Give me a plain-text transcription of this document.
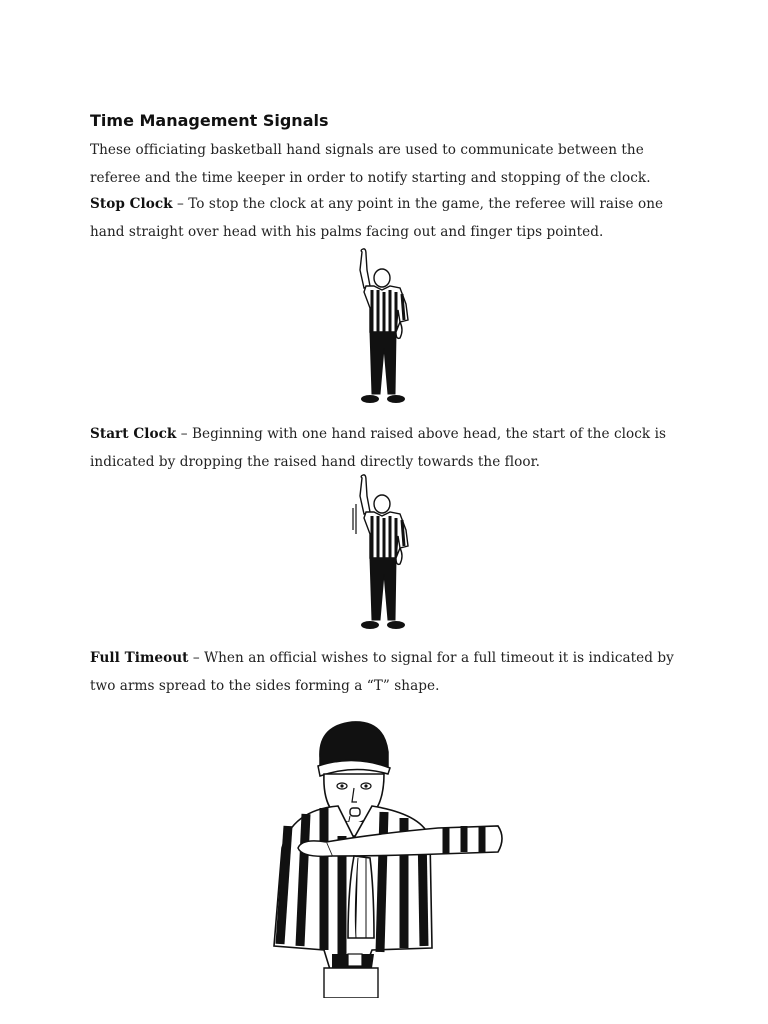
Time Management Signals
These officiating basketball hand signals are used to communicate between the referee and the time keeper in order to notify starting and stopping of the clock.
Stop Clock – To stop the clock at any point in the game, the referee will raise one hand straight over head with his palms facing out and finger tips pointed.
Start Clock – Beginning with one hand raised above head, the start of the clock is indicated by dropping the raised hand directly towards the floor.
Full Timeout – When an official wishes to signal for a full timeout it is indicated by two arms spread to the sides forming a “T” shape.
